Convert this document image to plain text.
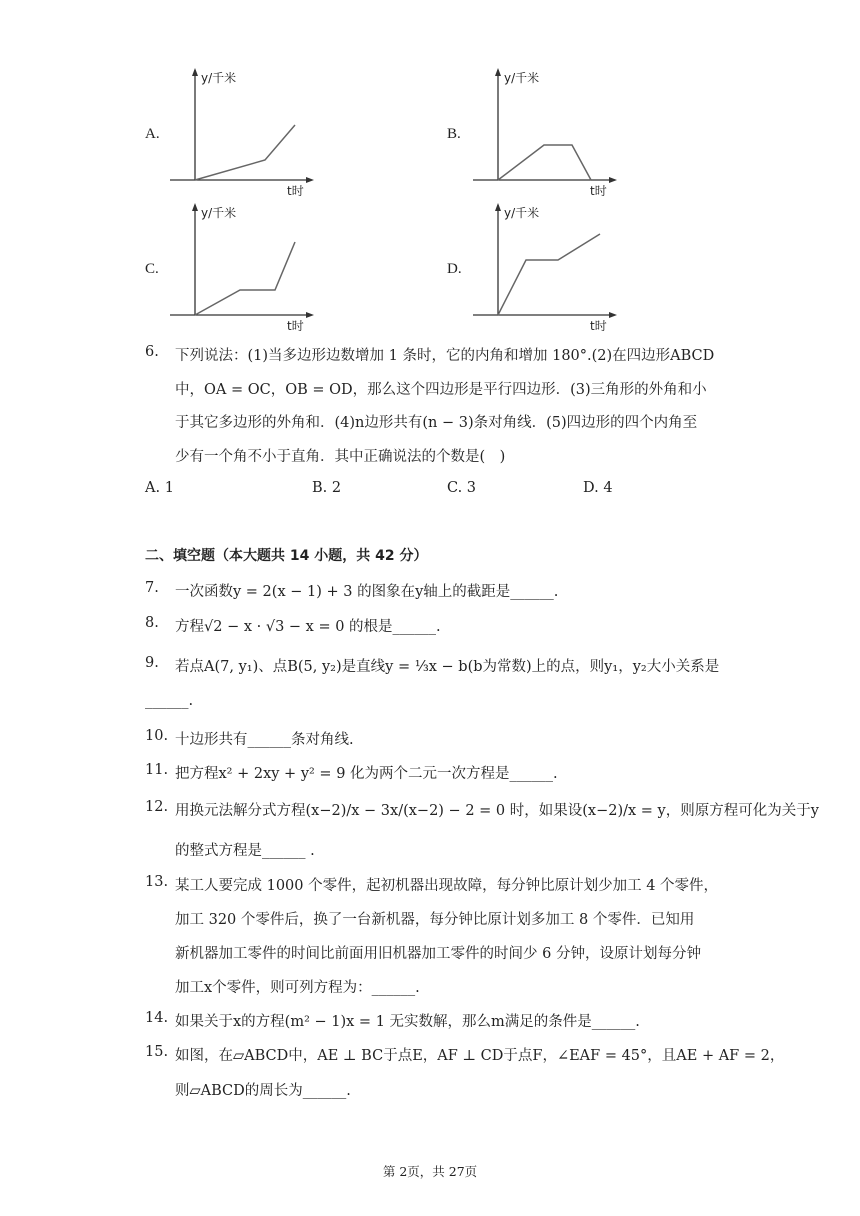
A.
y/千米
t时
B.
y/千米
t时
C.
y/千米
t时
D.
y/千米
t时
6. 下列说法：(1)当多边形边数增加 1 条时，它的内角和增加 180°.(2)在四边形ABCD
中，OA = OC，OB = OD，那么这个四边形是平行四边形．(3)三角形的外角和小
于其它多边形的外角和．(4)n边形共有(n − 3)条对角线．(5)四边形的四个内角至
少有一个角不小于直角．其中正确说法的个数是(　)
A. 1	B. 2	C. 3	D. 4
二、填空题（本大题共 14 小题，共 42 分）
7. 一次函数y = 2(x − 1) + 3 的图象在y轴上的截距是______.
8. 方程√2 − x · √3 − x = 0 的根是______.
9. 若点A(7, y₁)、点B(5, y₂)是直线y = ⅓x − b(b为常数)上的点，则y₁，y₂大小关系是
______.
10. 十边形共有______条对角线.
11. 把方程x² + 2xy + y² = 9 化为两个二元一次方程是______.
12. 用换元法解分式方程(x−2)/x − 3x/(x−2) − 2 = 0 时，如果设(x−2)/x = y，则原方程可化为关于y
的整式方程是______ .
13. 某工人要完成 1000 个零件，起初机器出现故障，每分钟比原计划少加工 4 个零件，
加工 320 个零件后，换了一台新机器，每分钟比原计划多加工 8 个零件．已知用
新机器加工零件的时间比前面用旧机器加工零件的时间少 6 分钟，设原计划每分钟
加工x个零件，则可列方程为：______.
14. 如果关于x的方程(m² − 1)x = 1 无实数解，那么m满足的条件是______.
15. 如图，在▱ABCD中，AE ⊥ BC于点E，AF ⊥ CD于点F，∠EAF = 45°，且AE + AF = 2，
则▱ABCD的周长为______.
第 2页，共 27页
